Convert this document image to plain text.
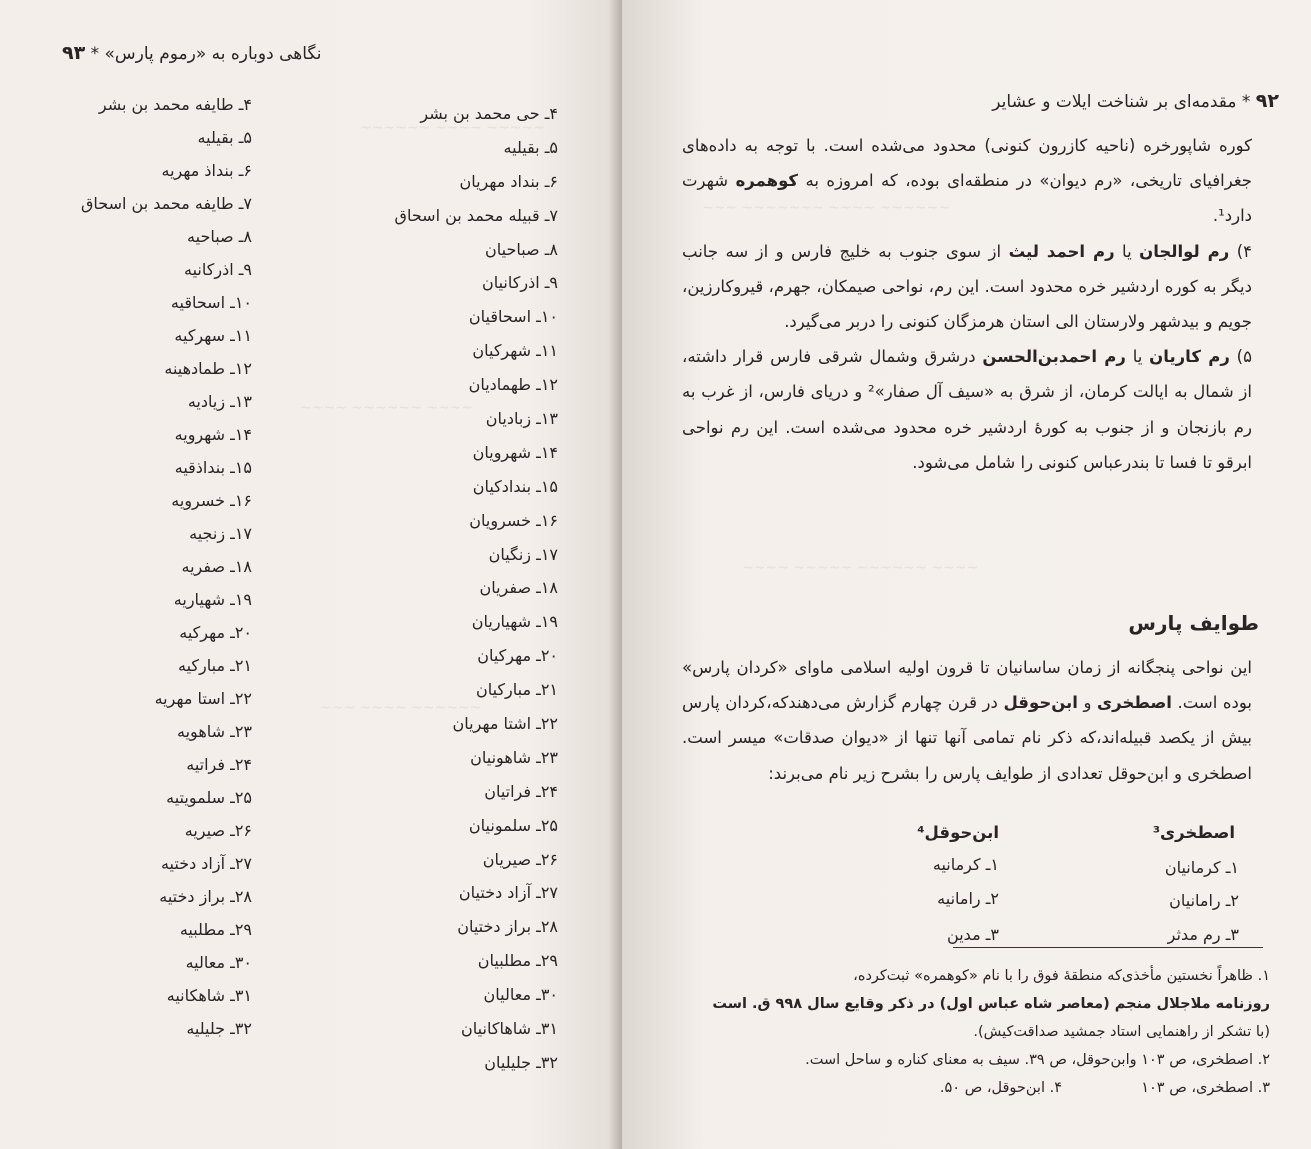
نگاهی دوباره به «رموم پارس» * ۹۳
~~~~~ ~~~~ ~~~~~~
~~~~ ~~~~~~ ~~~~
~~~~~~ ~~~~ ~~~
۴ـ حی محمد بن بشر
۵ـ بقیلیه
۶ـ بنداد مهریان
۷ـ قبیله محمد بن اسحاق
۸ـ صباحیان
۹ـ اذرکانیان
۱۰ـ اسحاقیان
۱۱ـ شهرکیان
۱۲ـ طهمادیان
۱۳ـ زبادیان
۱۴ـ شهرویان
۱۵ـ بندادکیان
۱۶ـ خسرویان
۱۷ـ زنگیان
۱۸ـ صفریان
۱۹ـ شهیاریان
۲۰ـ مهرکیان
۲۱ـ مبارکیان
۲۲ـ اشتا مهریان
۲۳ـ شاهونیان
۲۴ـ فراتیان
۲۵ـ سلمونیان
۲۶ـ صیریان
۲۷ـ آزاد دختیان
۲۸ـ براز دختیان
۲۹ـ مطلبیان
۳۰ـ معالیان
۳۱ـ شاهاکانیان
۳۲ـ جلیلیان
۴ـ طایفه محمد بن بشر
۵ـ بقیلیه
۶ـ بنداذ مهریه
۷ـ طایفه محمد بن اسحاق
۸ـ صباحیه
۹ـ اذرکانیه
۱۰ـ اسحاقیه
۱۱ـ سهرکیه
۱۲ـ طمادهینه
۱۳ـ زیادیه
۱۴ـ شهرویه
۱۵ـ بنداذقیه
۱۶ـ خسرویه
۱۷ـ زنجیه
۱۸ـ صفریه
۱۹ـ شهیاریه
۲۰ـ مهرکیه
۲۱ـ مبارکیه
۲۲ـ استا مهریه
۲۳ـ شاهویه
۲۴ـ فراتیه
۲۵ـ سلمویتیه
۲۶ـ صیریه
۲۷ـ آزاد دختیه
۲۸ـ براز دختیه
۲۹ـ مطلبیه
۳۰ـ معالیه
۳۱ـ شاهکانیه
۳۲ـ جلیلیه
۹۲ * مقدمه‌ای بر شناخت ایلات و عشایر
~~~~~~ ~~~~ ~~~~~~~ ~~~
~~~~ ~~~~~~ ~~~~~ ~~~~

کوره شاپورخره (ناحیه کازرون کنونی) محدود می‌شده است. با توجه به داده‌های جغرافیای تاریخی، «رم دیوان» در منطقه‌ای بوده، که امروزه به کوهمره شهرت دارد¹.

۴) رم لوالجان یا رم احمد لیث از سوی جنوب به خلیج فارس و از سه جانب دیگر به کوره اردشیر خره محدود است. این رم، نواحی صیمکان، جهرم، قیروکارزین، جویم و بیدشهر ولارستان الی استان هرمزگان کنونی را دربر می‌گیرد.

۵) رم کاریان یا رم احمدبن‌الحسن درشرق وشمال شرقی فارس قرار داشته، از شمال به ایالت کرمان، از شرق به «سیف آل صفار»² و دریای فارس، از غرب به رم بازنجان و از جنوب به کورهٔ اردشیر خره محدود می‌شده است. این رم نواحی ابرقو تا فسا تا بندرعباس کنونی را شامل می‌شود.

طوایف پارس

این نواحی پنجگانه از زمان ساسانیان تا قرون اولیه اسلامی ماوای «کردان پارس» بوده است. اصطخری و ابن‌حوقل در قرن چهارم گزارش می‌دهندکه،کردان پارس بیش از یکصد قبیله‌اند،که ذکر نام تمامی آنها تنها از «دیوان صدقات» میسر است. اصطخری و ابن‌حوقل تعدادی از طوایف پارس را بشرح زیر نام می‌برند:

اصطخری³
ابن‌حوقل⁴
۱ـ کرمانیان
۲ـ رامانیان
۳ـ رم مدثر
۱ـ کرمانیه
۲ـ رامانیه
۳ـ مدین

۱. ظاهراً نخستین مأخذی‌که منطقهٔ فوق را با نام «کوهمره» ثبت‌کرده،

روزنامه ملاجلال منجم (معاصر شاه عباس اول) در ذکر وقایع سال ۹۹۸ ق. است

(با تشکر از راهنمایی استاد جمشید صداقت‌کیش).

۲. اصطخری، ص ۱۰۳ وابن‌حوقل، ص ۳۹. سیف به معنای کناره و ساحل است.

۳. اصطخری، ص ۱۰۳  ۴. ابن‌حوقل، ص ۵۰.
